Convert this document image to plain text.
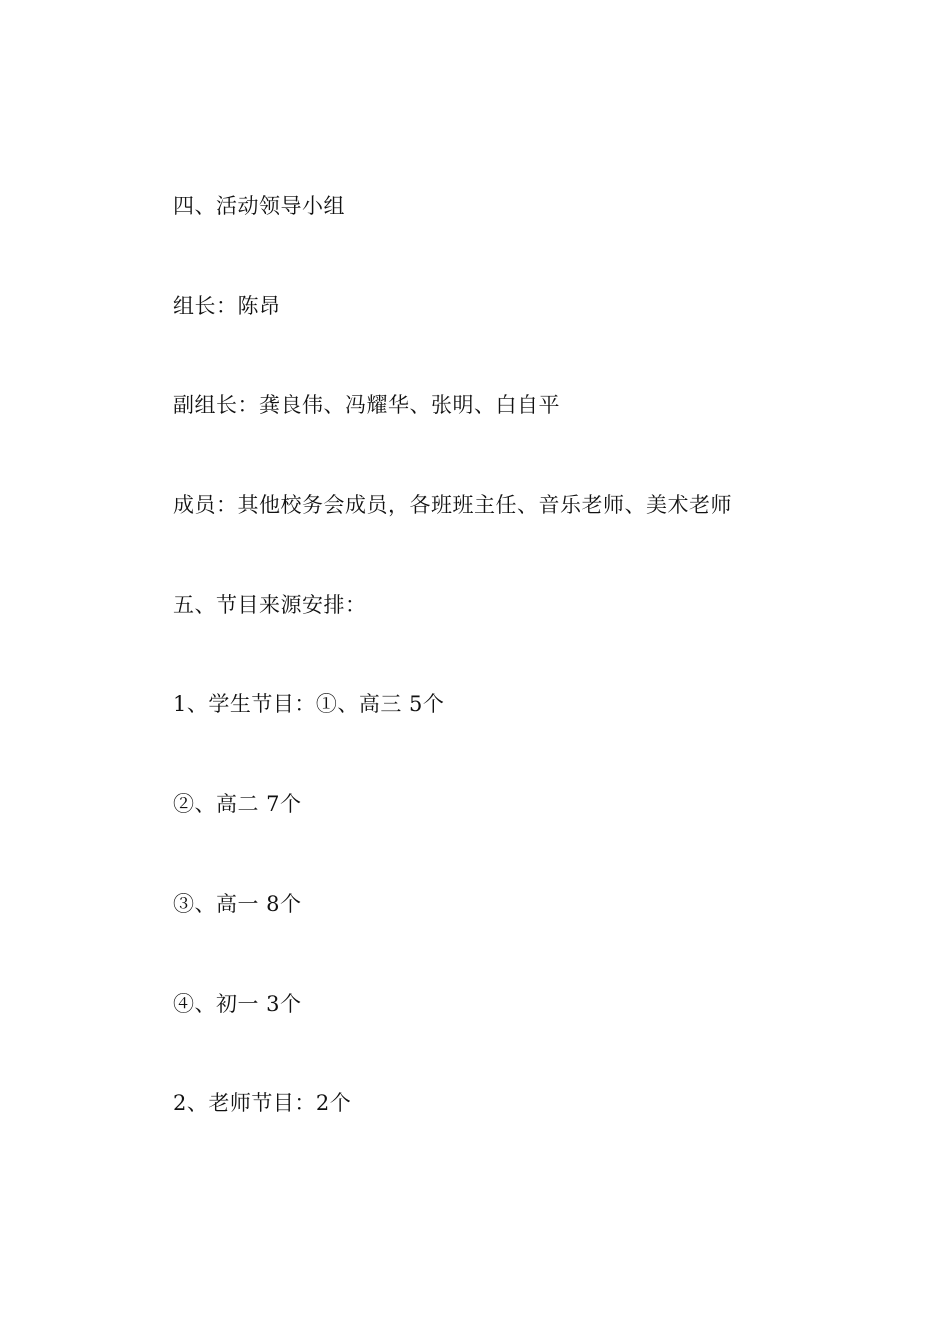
四、活动领导小组
组长：陈昂
副组长：龚良伟、冯耀华、张明、白自平
成员：其他校务会成员，各班班主任、音乐老师、美术老师
五、节目来源安排：
1、学生节目：①、高三 5个
②、高二 7个
③、高一 8个
④、初一 3个
2、老师节目：2个
